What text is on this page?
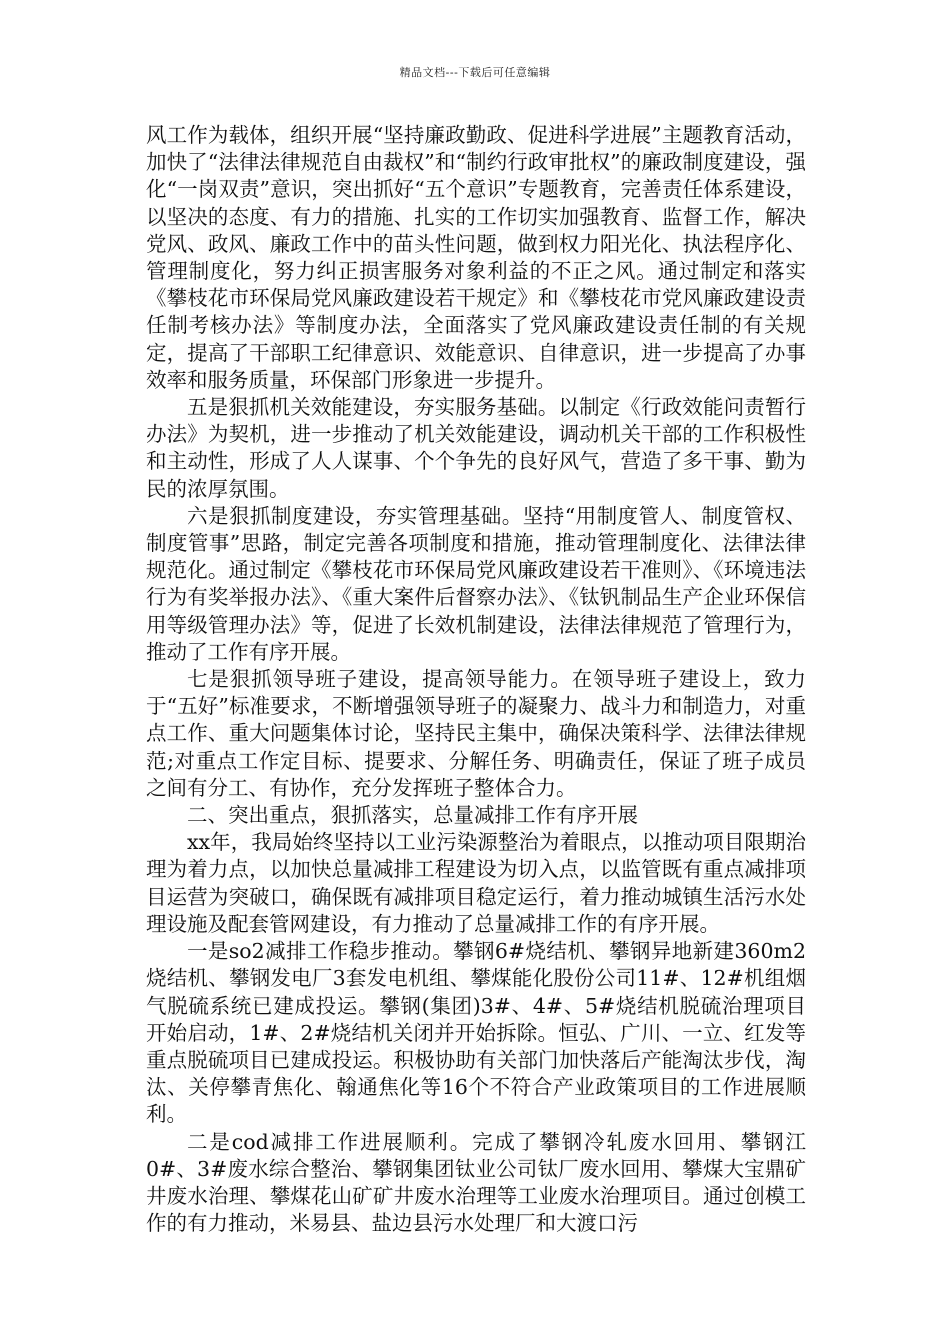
精品文档---下载后可任意编辑

风工作为载体，组织开展“坚持廉政勤政、促进科学进展”主题教育活动，加快了“法律法律规范自由裁权”和“制约行政审批权”的廉政制度建设，强化“一岗双责”意识，突出抓好“五个意识”专题教育，完善责任体系建设，以坚决的态度、有力的措施、扎实的工作切实加强教育、监督工作，解决党风、政风、廉政工作中的苗头性问题，做到权力阳光化、执法程序化、管理制度化，努力纠正损害服务对象利益的不正之风。通过制定和落实《攀枝花市环保局党风廉政建设若干规定》和《攀枝花市党风廉政建设责任制考核办法》等制度办法，全面落实了党风廉政建设责任制的有关规定，提高了干部职工纪律意识、效能意识、自律意识，进一步提高了办事效率和服务质量，环保部门形象进一步提升。

五是狠抓机关效能建设，夯实服务基础。以制定《行政效能问责暂行办法》为契机，进一步推动了机关效能建设，调动机关干部的工作积极性和主动性，形成了人人谋事、个个争先的良好风气，营造了多干事、勤为民的浓厚氛围。

六是狠抓制度建设，夯实管理基础。坚持“用制度管人、制度管权、制度管事”思路，制定完善各项制度和措施，推动管理制度化、法律法律规范化。通过制定《攀枝花市环保局党风廉政建设若干准则》、《环境违法行为有奖举报办法》、《重大案件后督察办法》、《钛钒制品生产企业环保信用等级管理办法》等，促进了长效机制建设，法律法律规范了管理行为，推动了工作有序开展。

七是狠抓领导班子建设，提高领导能力。在领导班子建设上，致力于“五好”标准要求，不断增强领导班子的凝聚力、战斗力和制造力，对重点工作、重大问题集体讨论，坚持民主集中，确保决策科学、法律法律规范;对重点工作定目标、提要求、分解任务、明确责任，保证了班子成员之间有分工、有协作，充分发挥班子整体合力。

二、突出重点，狠抓落实，总量减排工作有序开展

xx年，我局始终坚持以工业污染源整治为着眼点，以推动项目限期治理为着力点，以加快总量减排工程建设为切入点，以监管既有重点减排项目运营为突破口，确保既有减排项目稳定运行，着力推动城镇生活污水处理设施及配套管网建设，有力推动了总量减排工作的有序开展。

一是so2减排工作稳步推动。攀钢6#烧结机、攀钢异地新建360m2烧结机、攀钢发电厂3套发电机组、攀煤能化股份公司11#、12#机组烟气脱硫系统已建成投运。攀钢(集团)3#、4#、5#烧结机脱硫治理项目开始启动，1#、2#烧结机关闭并开始拆除。恒弘、广川、一立、红发等重点脱硫项目已建成投运。积极协助有关部门加快落后产能淘汰步伐，淘汰、关停攀青焦化、翰通焦化等16个不符合产业政策项目的工作进展顺利。

二是cod减排工作进展顺利。完成了攀钢冷轧废水回用、攀钢江0#、3#废水综合整治、攀钢集团钛业公司钛厂废水回用、攀煤大宝鼎矿井废水治理、攀煤花山矿矿井废水治理等工业废水治理项目。通过创模工作的有力推动，米易县、盐边县污水处理厂和大渡口污
